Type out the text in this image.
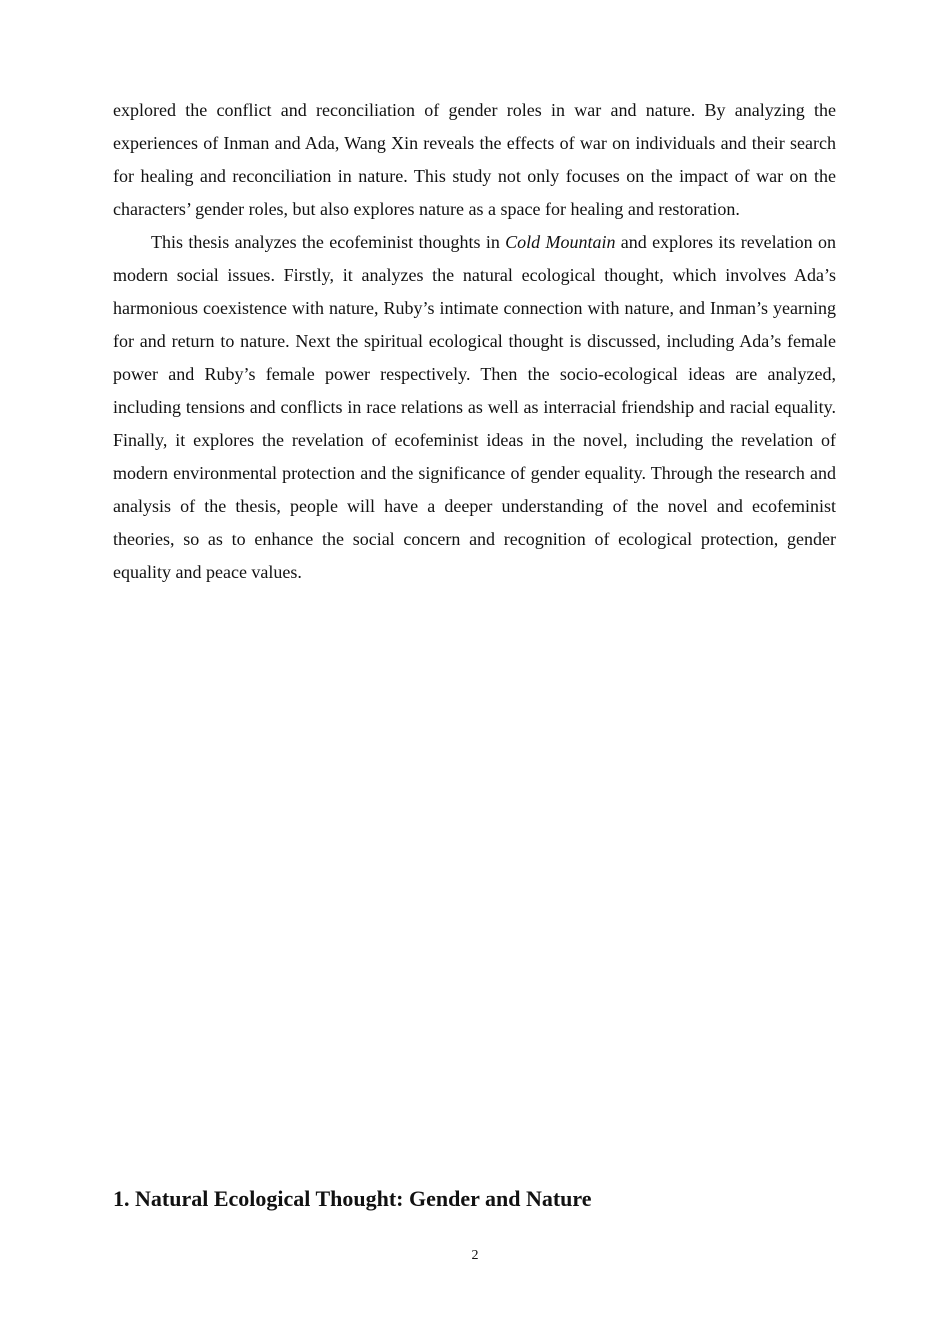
explored the conflict and reconciliation of gender roles in war and nature. By analyzing the experiences of Inman and Ada, Wang Xin reveals the effects of war on individuals and their search for healing and reconciliation in nature. This study not only focuses on the impact of war on the characters’ gender roles, but also explores nature as a space for healing and restoration.

This thesis analyzes the ecofeminist thoughts in Cold Mountain and explores its revelation on modern social issues. Firstly, it analyzes the natural ecological thought, which involves Ada’s harmonious coexistence with nature, Ruby’s intimate connection with nature, and Inman’s yearning for and return to nature. Next the spiritual ecological thought is discussed, including Ada’s female power and Ruby’s female power respectively. Then the socio-ecological ideas are analyzed, including tensions and conflicts in race relations as well as interracial friendship and racial equality. Finally, it explores the revelation of ecofeminist ideas in the novel, including the revelation of modern environmental protection and the significance of gender equality. Through the research and analysis of the thesis, people will have a deeper understanding of the novel and ecofeminist theories, so as to enhance the social concern and recognition of ecological protection, gender equality and peace values.

1. Natural Ecological Thought: Gender and Nature
2
